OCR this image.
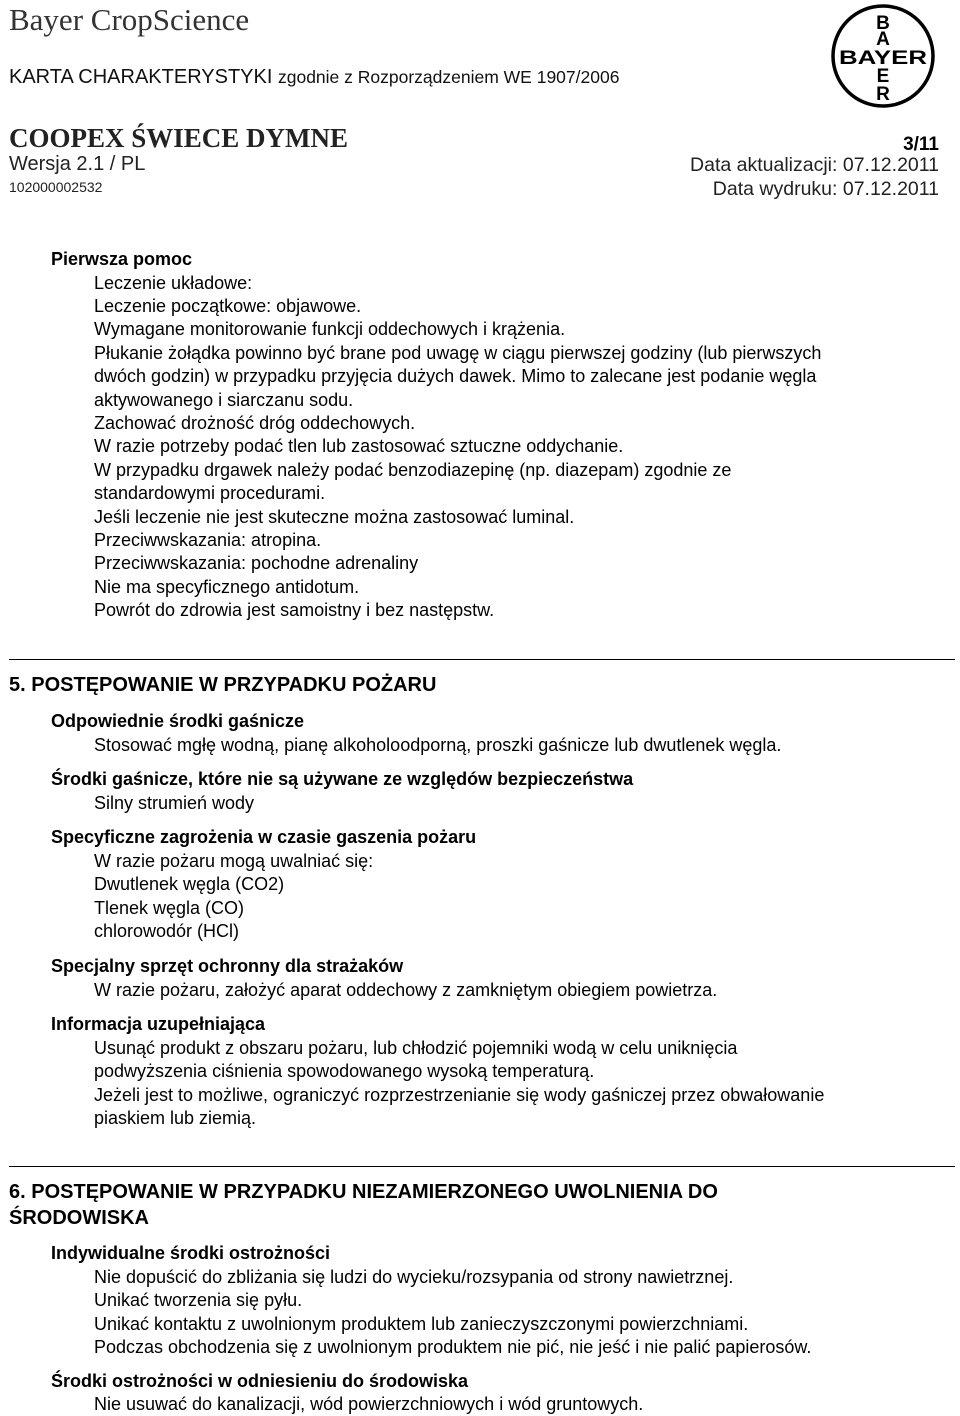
Bayer CropScience
KARTA CHARAKTERYSTYKI zgodnie z Rozporządzeniem WE 1907/2006
B
A
BAYER
E
R
COOPEX ŚWIECE DYMNE	3/11
Wersja 2.1 / PL
102000002532
Data aktualizacji: 07.12.2011
Data wydruku: 07.12.2011

Pierwsza pomoc

Leczenie układowe:

Leczenie początkowe: objawowe.

Wymagane monitorowanie funkcji oddechowych i krążenia.

Płukanie żołądka powinno być brane pod uwagę w ciągu pierwszej godziny (lub pierwszych

dwóch godzin) w przypadku przyjęcia dużych dawek. Mimo to zalecane jest podanie węgla

aktywowanego i siarczanu sodu.

Zachować drożność dróg oddechowych.

W razie potrzeby podać tlen lub zastosować sztuczne oddychanie.

W przypadku drgawek należy podać benzodiazepinę (np. diazepam) zgodnie ze

standardowymi procedurami.

Jeśli leczenie nie jest skuteczne można zastosować luminal.

Przeciwwskazania: atropina.

Przeciwwskazania: pochodne adrenaliny

Nie ma specyficznego antidotum.

Powrót do zdrowia jest samoistny i bez następstw.

5. POSTĘPOWANIE W PRZYPADKU POŻARU

Odpowiednie środki gaśnicze

Stosować mgłę wodną, pianę alkoholoodporną, proszki gaśnicze lub dwutlenek węgla.

Środki gaśnicze, które nie są używane ze względów bezpieczeństwa

Silny strumień wody

Specyficzne zagrożenia w czasie gaszenia pożaru

W razie pożaru mogą uwalniać się:

Dwutlenek węgla (CO2)

Tlenek węgla (CO)

chlorowodór (HCl)

Specjalny sprzęt ochronny dla strażaków

W razie pożaru, założyć aparat oddechowy z zamkniętym obiegiem powietrza.

Informacja uzupełniająca

Usunąć produkt z obszaru pożaru, lub chłodzić pojemniki wodą w celu uniknięcia

podwyższenia ciśnienia spowodowanego wysoką temperaturą.

Jeżeli jest to możliwe, ograniczyć rozprzestrzenianie się wody gaśniczej przez obwałowanie

piaskiem lub ziemią.

6. POSTĘPOWANIE W PRZYPADKU NIEZAMIERZONEGO UWOLNIENIA DO

ŚRODOWISKA

Indywidualne środki ostrożności

Nie dopuścić do zbliżania się ludzi do wycieku/rozsypania od strony nawietrznej.

Unikać tworzenia się pyłu.

Unikać kontaktu z uwolnionym produktem lub zanieczyszczonymi powierzchniami.

Podczas obchodzenia się z uwolnionym produktem nie pić, nie jeść i nie palić papierosów.

Środki ostrożności w odniesieniu do środowiska

Nie usuwać do kanalizacji, wód powierzchniowych i wód gruntowych.
